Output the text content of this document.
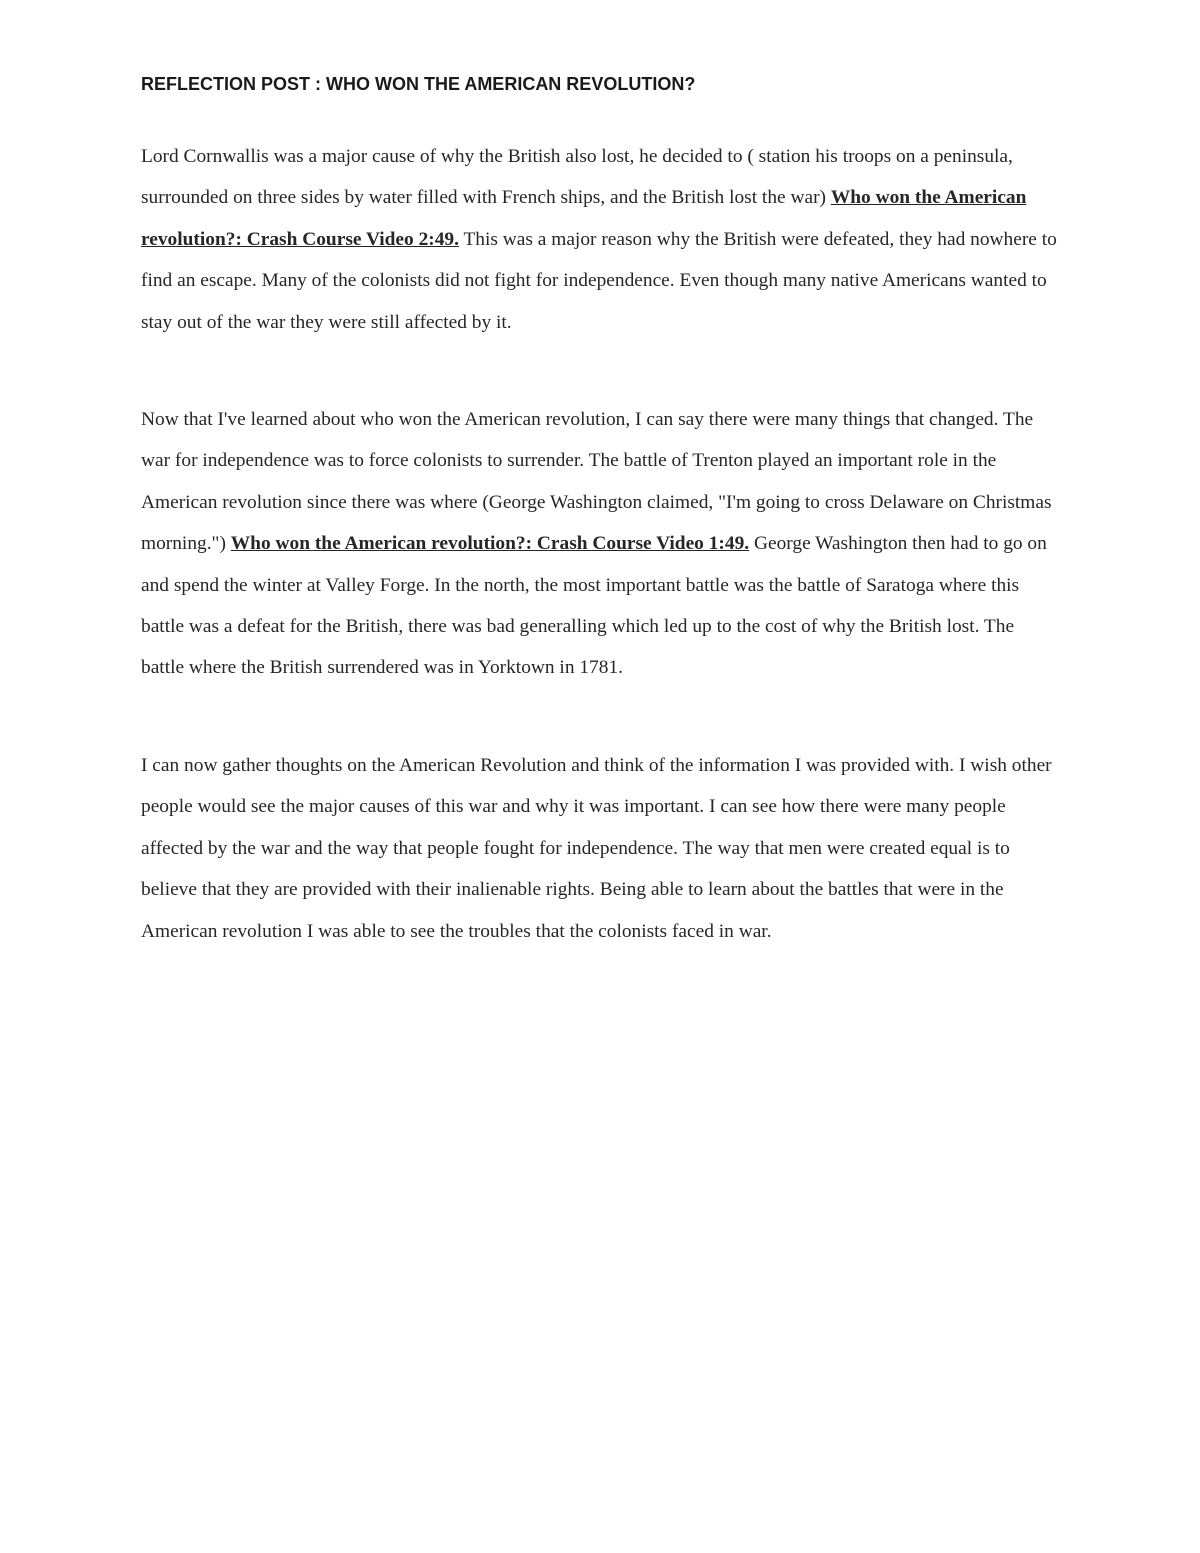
REFLECTION POST : WHO WON THE AMERICAN REVOLUTION?

Lord Cornwallis was a major cause of why the British also lost, he decided to ( station his troops on a peninsula, surrounded on three sides by water filled with French ships, and the British lost the war) Who won the American revolution?: Crash Course Video 2:49. This was a major reason why the British were defeated, they had nowhere to find an escape. Many of the colonists did not fight for independence. Even though many native Americans wanted to stay out of the war they were still affected by it.

Now that I've learned about who won the American revolution, I can say there were many things that changed. The war for independence was to force colonists to surrender. The battle of Trenton played an important role in the American revolution since there was where (George Washington claimed, "I'm going to cross Delaware on Christmas morning.") Who won the American revolution?: Crash Course Video 1:49. George Washington then had to go on and spend the winter at Valley Forge. In the north, the most important battle was the battle of Saratoga where this battle was a defeat for the British, there was bad generalling which led up to the cost of why the British lost. The battle where the British surrendered was in Yorktown in 1781.

I can now gather thoughts on the American Revolution and think of the information I was provided with. I wish other people would see the major causes of this war and why it was important. I can see how there were many people affected by the war and the way that people fought for independence. The way that men were created equal is to believe that they are provided with their inalienable rights. Being able to learn about the battles that were in the American revolution I was able to see the troubles that the colonists faced in war.
